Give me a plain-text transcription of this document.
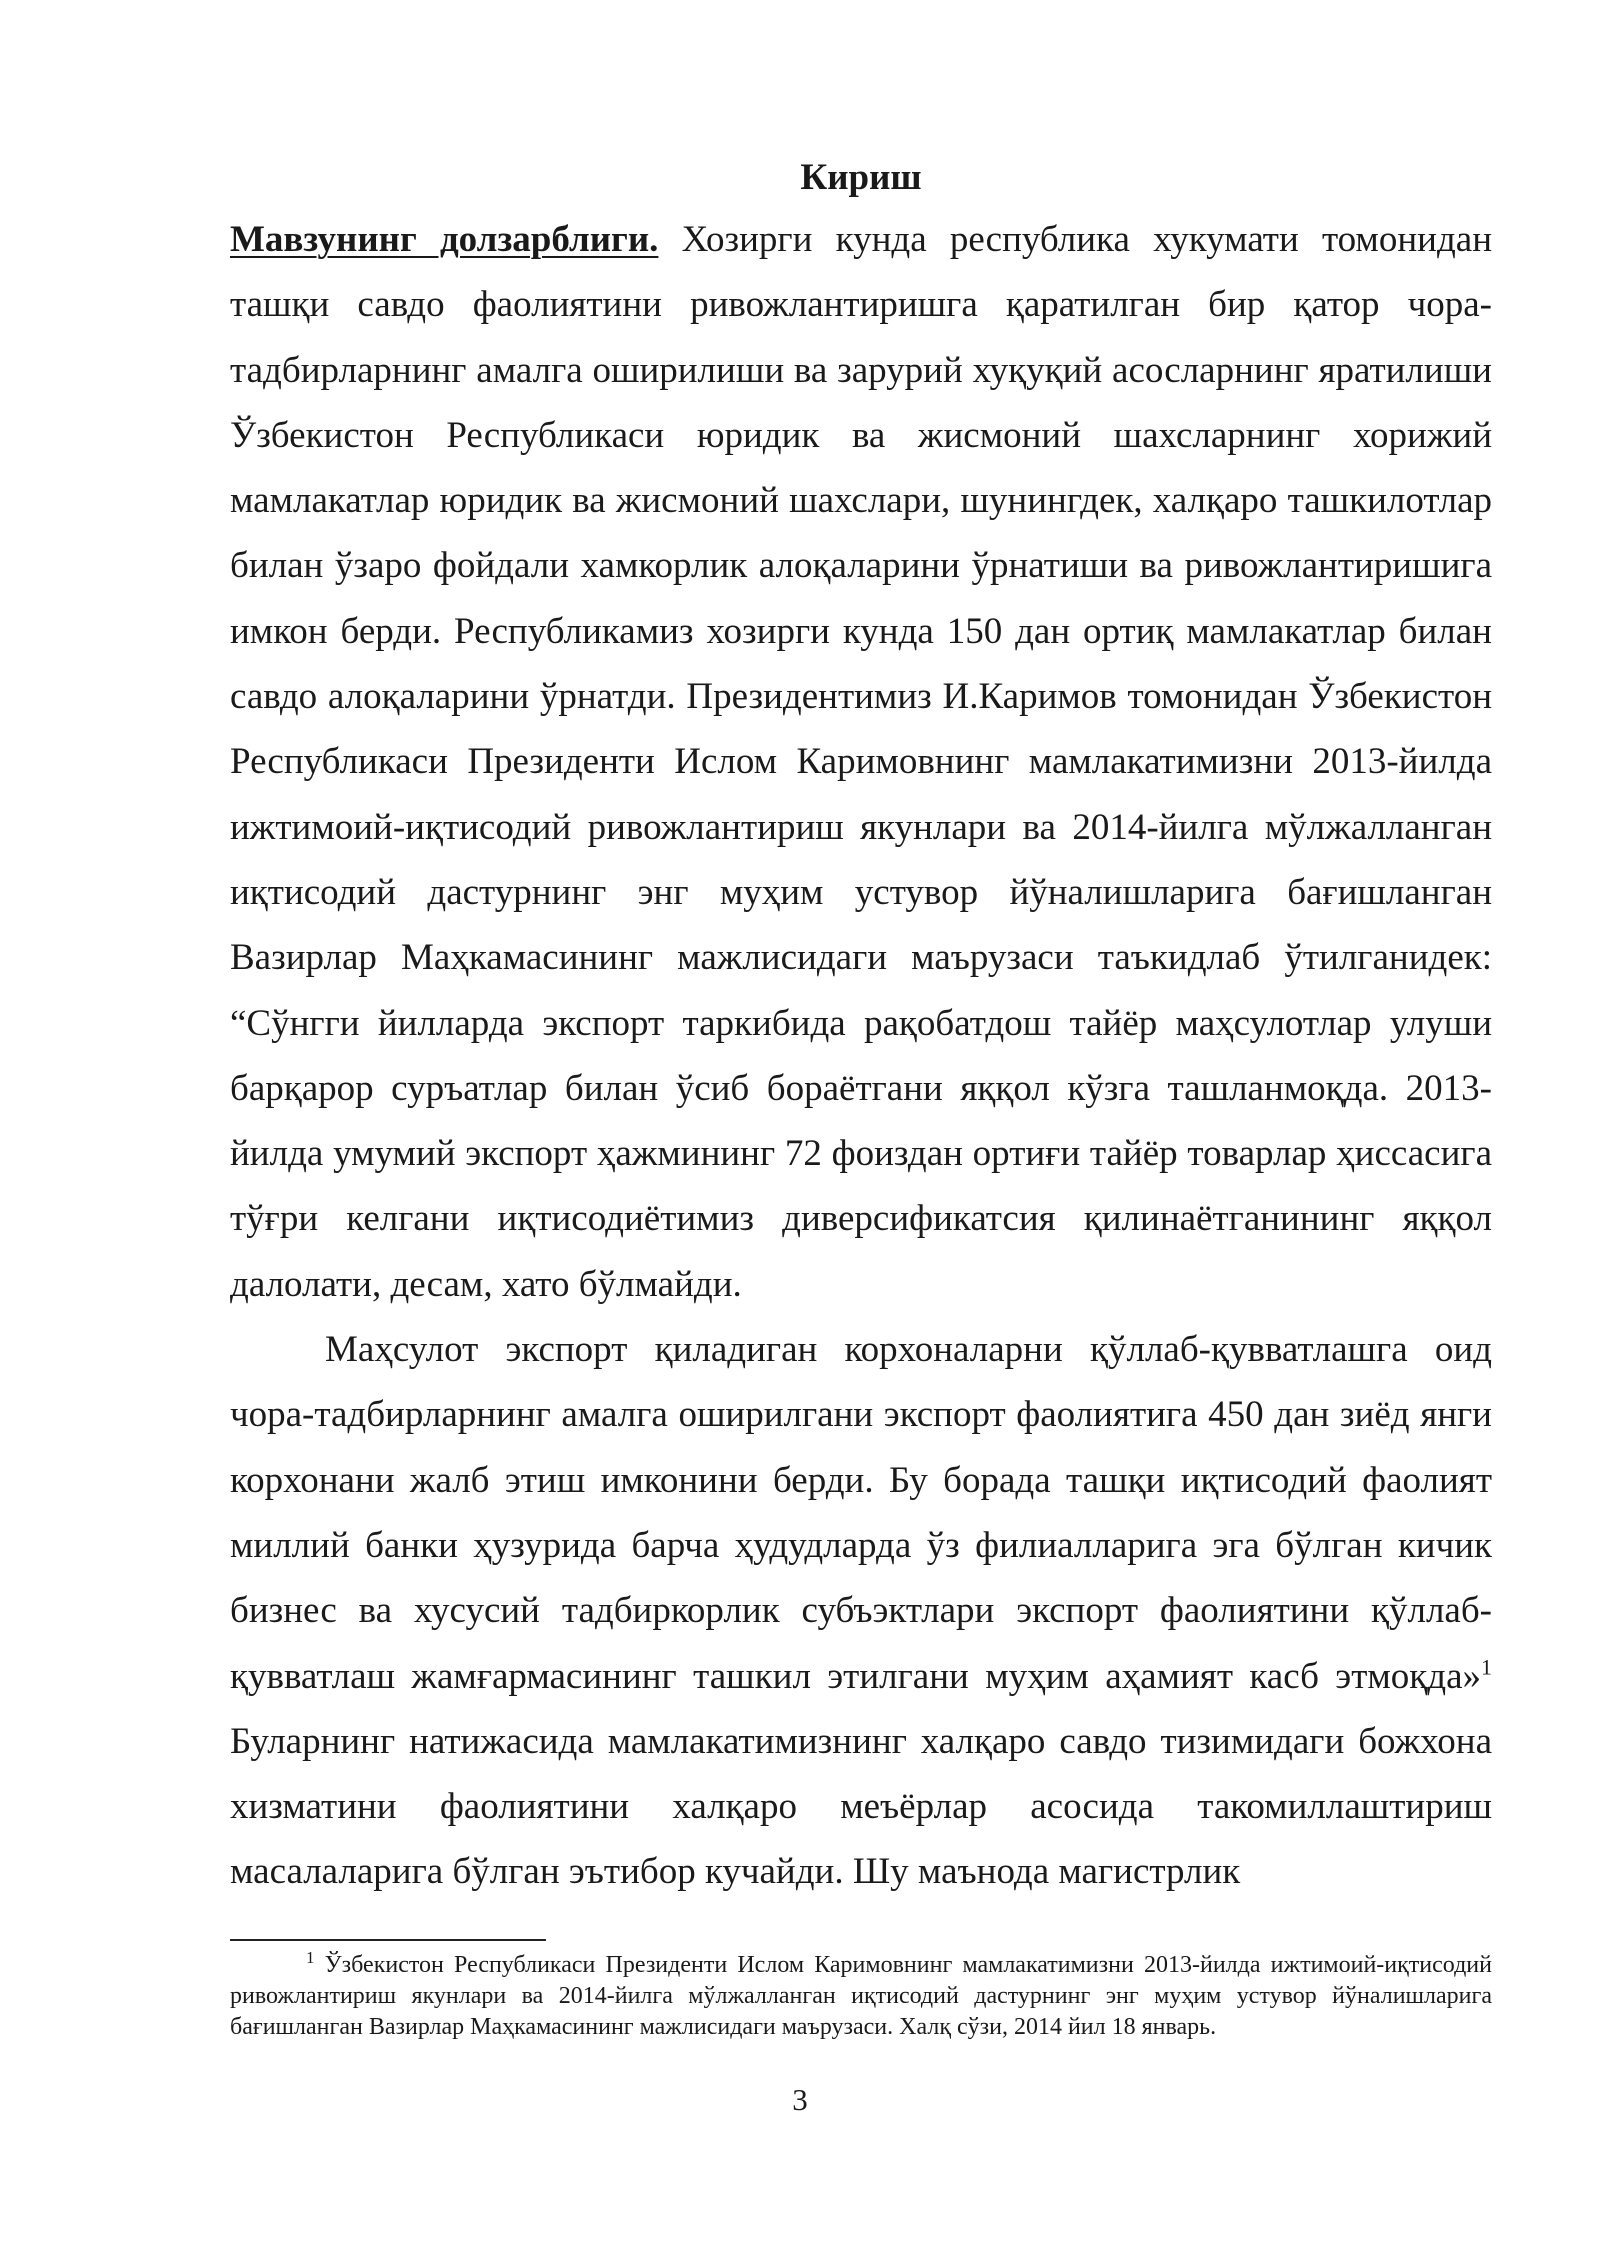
Кириш

Мавзунинг долзарблиги. Хозирги кунда республика хукумати томонидан ташқи савдо фаолиятини ривожлантиришга қаратилган бир қатор чора-тадбирларнинг амалга оширилиши ва зарурий хуқуқий асосларнинг яратилиши Ўзбекистон Республикаси юридик ва жисмоний шахсларнинг хорижий мамлакатлар юридик ва жисмоний шахслари, шунингдек, халқаро ташкилотлар билан ўзаро фойдали хамкорлик алоқаларини ўрнатиши ва ривожлантиришига имкон берди. Республикамиз хозирги кунда 150 дан ортиқ мамлакатлар билан савдо алоқаларини ўрнатди. Президентимиз И.Каримов томонидан Ўзбекистон Республикаси Президенти Ислом Каримовнинг мамлакатимизни 2013-йилда ижтимоий-иқтисодий ривожлантириш якунлари ва 2014-йилга мўлжалланган иқтисодий дастурнинг энг муҳим устувор йўналишларига бағишланган Вазирлар Маҳкамасининг мажлисидаги маърузаси таъкидлаб ўтилганидек: “Сўнгги йилларда экспорт таркибида рақобатдош тайёр маҳсулотлар улуши барқарор суръатлар билан ўсиб бораётгани яққол кўзга ташланмоқда. 2013-йилда умумий экспорт ҳажмининг 72 фоиздан ортиғи тайёр товарлар ҳиссасига тўғри келгани иқтисодиётимиз диверсификатсия қилинаётганининг яққол далолати, десам, хато бўлмайди.

Маҳсулот экспорт қиладиган корхоналарни қўллаб-қувватлашга оид чора-тадбирларнинг амалга оширилгани экспорт фаолиятига 450 дан зиёд янги корхонани жалб этиш имконини берди. Бу борада ташқи иқтисодий фаолият миллий банки ҳузурида барча ҳудудларда ўз филиалларига эга бўлган кичик бизнес ва хусусий тадбиркорлик субъэктлари экспорт фаолиятини қўллаб-қувватлаш жамғармасининг ташкил этилгани муҳим аҳамият касб этмоқда»$^1$ Буларнинг натижасида мамлакатимизнинг халқаро савдо тизимидаги божхона хизматини фаолиятини халқаро меъёрлар асосида такомиллаштириш масалаларига бўлган эътибор кучайди. Шу маънода магистрлик

$^1$ Ўзбекистон Республикаси Президенти Ислом Каримовнинг мамлакатимизни 2013-йилда ижтимоий-иқтисодий ривожлантириш якунлари ва 2014-йилга мўлжалланган иқтисодий дастурнинг энг муҳим устувор йўналишларига бағишланган Вазирлар Маҳкамасининг мажлисидаги маърузаси. Халқ сўзи, 2014 йил 18 январь.

3
